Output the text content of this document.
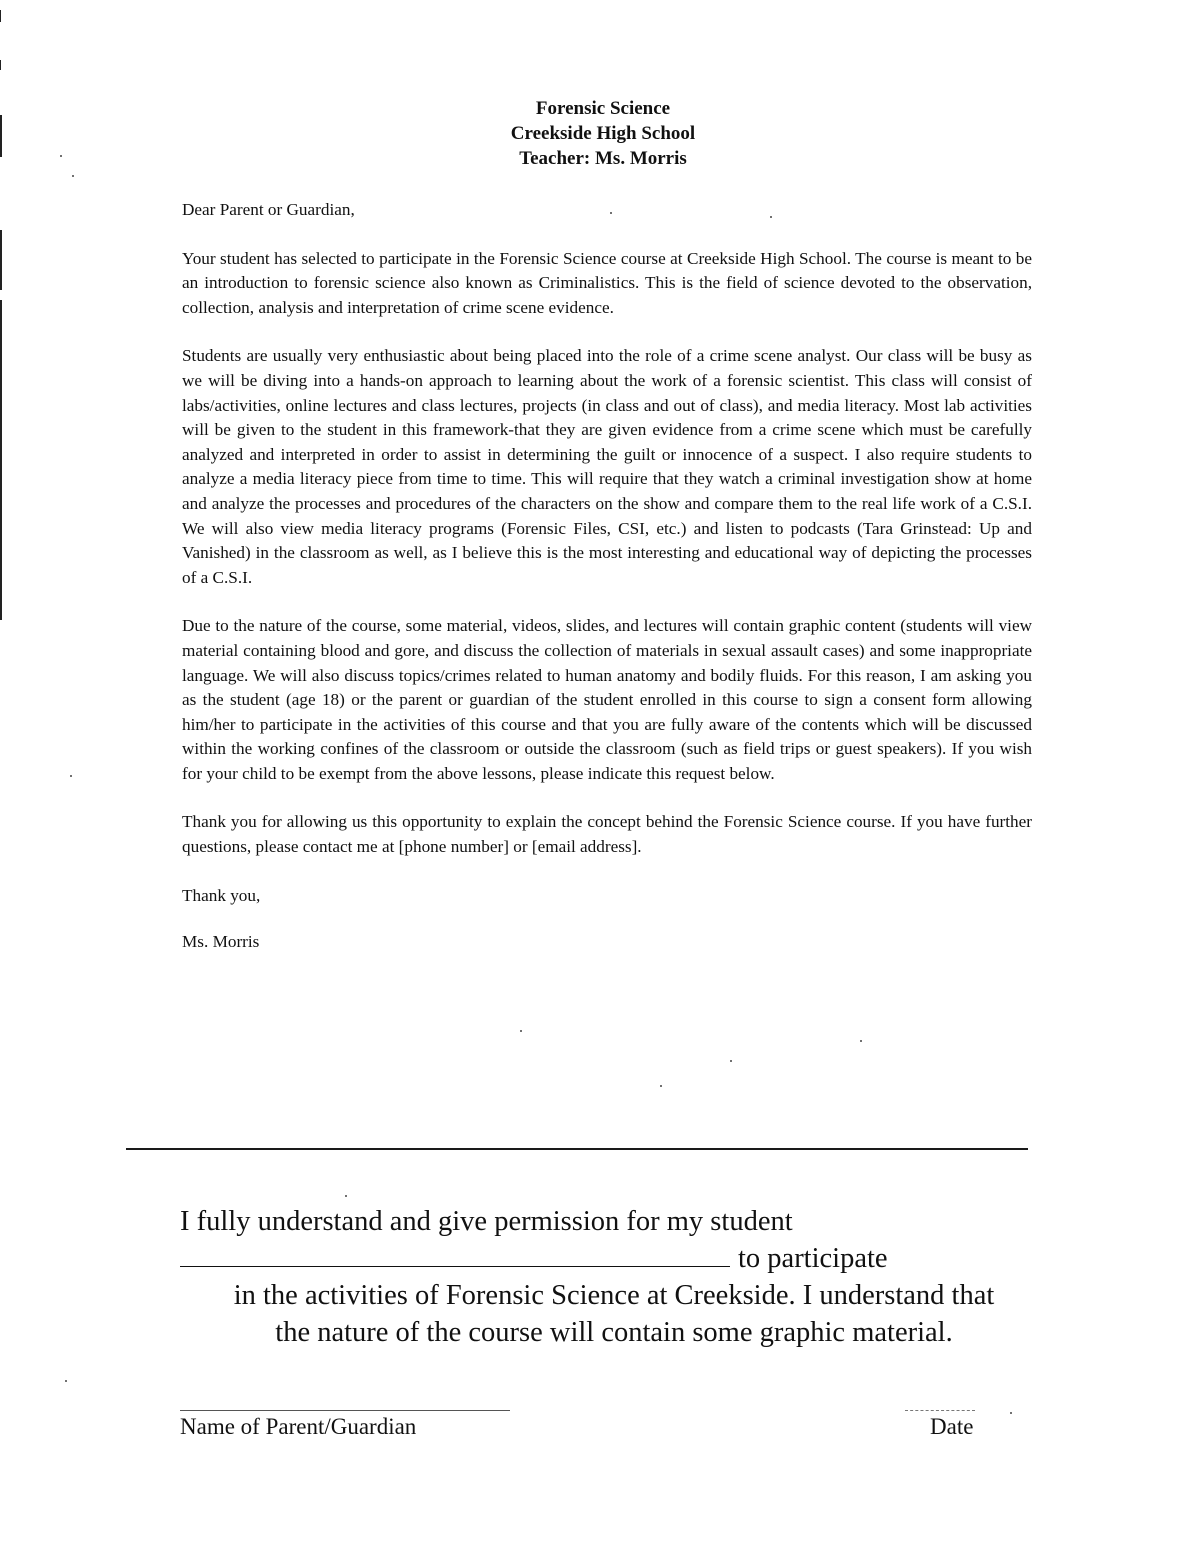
Forensic Science
Creekside High School
Teacher: Ms. Morris

Dear Parent or Guardian,

Your student has selected to participate in the Forensic Science course at Creekside High School. The course is meant to be an introduction to forensic science also known as Criminalistics. This is the field of science devoted to the observation, collection, analysis and interpretation of crime scene evidence.

Students are usually very enthusiastic about being placed into the role of a crime scene analyst. Our class will be busy as we will be diving into a hands-on approach to learning about the work of a forensic scientist. This class will consist of labs/activities, online lectures and class lectures, projects (in class and out of class), and media literacy. Most lab activities will be given to the student in this framework-that they are given evidence from a crime scene which must be carefully analyzed and interpreted in order to assist in determining the guilt or innocence of a suspect. I also require students to analyze a media literacy piece from time to time. This will require that they watch a criminal investigation show at home and analyze the processes and procedures of the characters on the show and compare them to the real life work of a C.S.I. We will also view media literacy programs (Forensic Files, CSI, etc.) and listen to podcasts (Tara Grinstead: Up and Vanished) in the classroom as well, as I believe this is the most interesting and educational way of depicting the processes of a C.S.I.

Due to the nature of the course, some material, videos, slides, and lectures will contain graphic content (students will view material containing blood and gore, and discuss the collection of materials in sexual assault cases) and some inappropriate language. We will also discuss topics/crimes related to human anatomy and bodily fluids. For this reason, I am asking you as the student (age 18) or the parent or guardian of the student enrolled in this course to sign a consent form allowing him/her to participate in the activities of this course and that you are fully aware of the contents which will be discussed within the working confines of the classroom or outside the classroom (such as field trips or guest speakers). If you wish for your child to be exempt from the above lessons, please indicate this request below.

Thank you for allowing us this opportunity to explain the concept behind the Forensic Science course. If you have further questions, please contact me at [phone number] or [email address].

Thank you,

Ms. Morris

I fully understand and give permission for my student
to participate
in the activities of Forensic Science at Creekside. I understand that
the nature of the course will contain some graphic material.
Name of Parent/Guardian	Date
